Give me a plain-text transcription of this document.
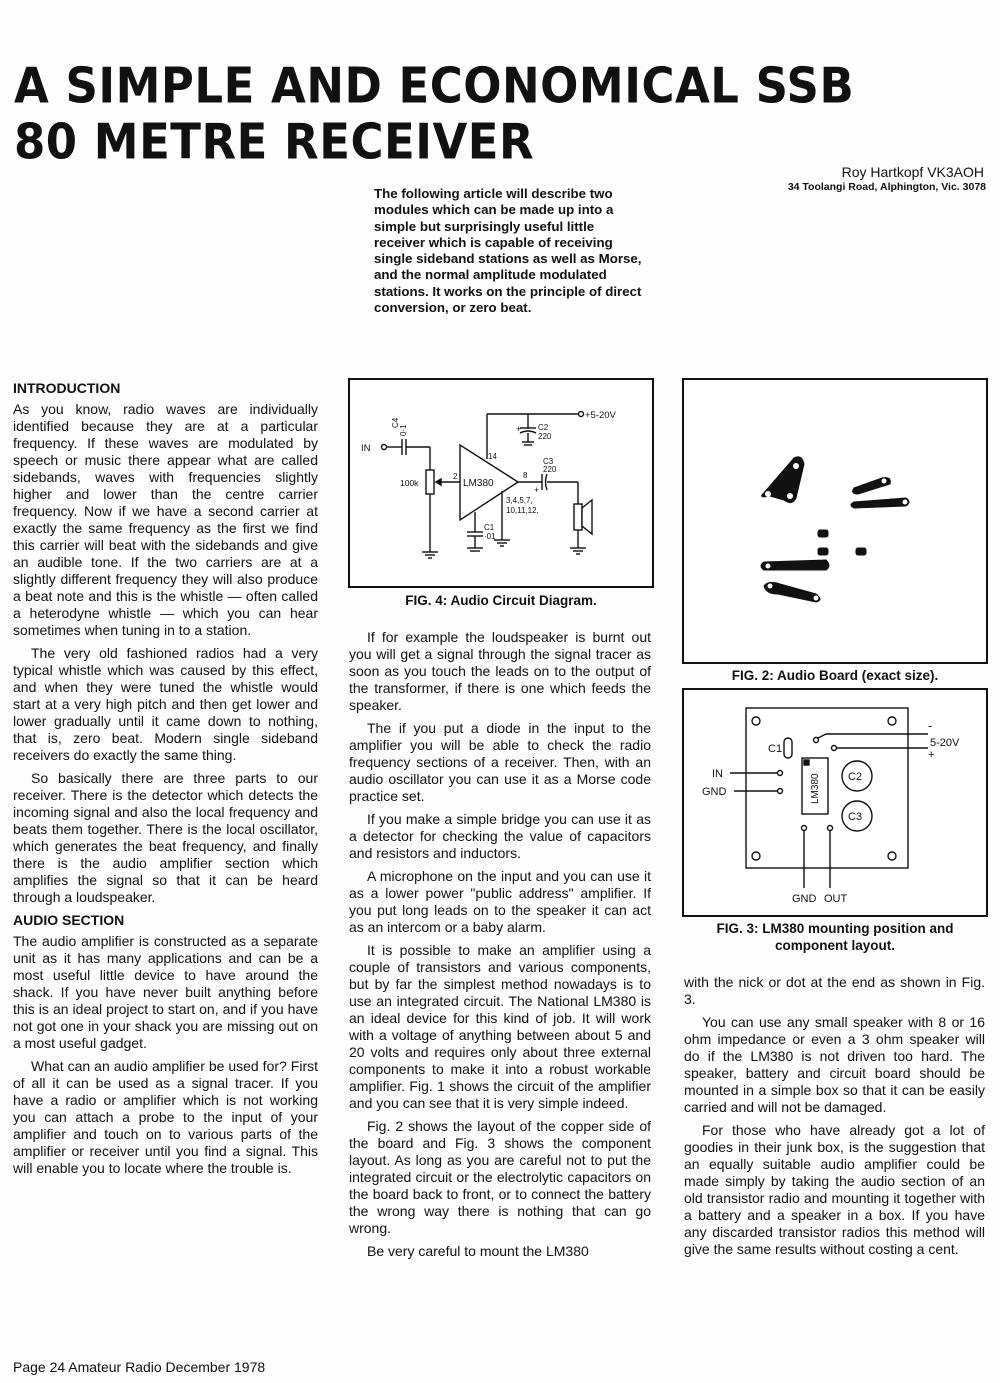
A SIMPLE AND ECONOMICAL SSB
80 METRE RECEIVER
Roy Hartkopf VK3AOH
34 Toolangi Road, Alphington, Vic. 3078
The following article will describe two modules which can be made up into a simple but surprisingly useful little receiver which is capable of receiving single sideband stations as well as Morse, and the normal amplitude modulated stations. It works on the principle of direct conversion, or zero beat.
INTRODUCTION

As you know, radio waves are individually identified because they are at a particular frequency. If these waves are modulated by speech or music there appear what are called sidebands, waves with frequencies slightly higher and lower than the centre carrier frequency. Now if we have a second carrier at exactly the same frequency as the first we find this carrier will beat with the sidebands and give an audible tone. If the two carriers are at a slightly different frequency they will also produce a beat note and this is the whistle — often called a heterodyne whistle — which you can hear sometimes when tuning in to a station.

The very old fashioned radios had a very typical whistle which was caused by this effect, and when they were tuned the whistle would start at a very high pitch and then get lower and lower gradually until it came down to nothing, that is, zero beat. Modern single sideband receivers do exactly the same thing.

So basically there are three parts to our receiver. There is the detector which detects the incoming signal and also the local frequency and beats them together. There is the local oscillator, which generates the beat frequency, and finally there is the audio amplifier section which amplifies the signal so that it can be heard through a loudspeaker.

AUDIO SECTION

The audio amplifier is constructed as a separate unit as it has many applications and can be a most useful little device to have around the shack. If you have never built anything before this is an ideal project to start on, and if you have not got one in your shack you are missing out on a most useful gadget.

What can an audio amplifier be used for? First of all it can be used as a signal tracer. If you have a radio or amplifier which is not working you can attach a probe to the input of your amplifier and touch on to various parts of the amplifier or receiver until you find a signal. This will enable you to locate where the trouble is.

IN
C4
0·1
100k	LM380
2
14
8
3,4,5,7,
10,11,12,
+5-20V
C2
220
+
C3
220
+
C1
·01
FIG. 4: Audio Circuit Diagram.
FIG. 2: Audio Board (exact size).
C1
C2
C3
LM380
IN
GND
-
5-20V
+
GND OUT
FIG. 3: LM380 mounting position and component layout.

If for example the loudspeaker is burnt out you will get a signal through the signal tracer as soon as you touch the leads on to the output of the transformer, if there is one which feeds the speaker.

The if you put a diode in the input to the amplifier you will be able to check the radio frequency sections of a receiver. Then, with an audio oscillator you can use it as a Morse code practice set.

If you make a simple bridge you can use it as a detector for checking the value of capacitors and resistors and inductors.

A microphone on the input and you can use it as a lower power "public address" amplifier. If you put long leads on to the speaker it can act as an intercom or a baby alarm.

It is possible to make an amplifier using a couple of transistors and various components, but by far the simplest method nowadays is to use an integrated circuit. The National LM380 is an ideal device for this kind of job. It will work with a voltage of anything between about 5 and 20 volts and requires only about three external components to make it into a robust workable amplifier. Fig. 1 shows the circuit of the amplifier and you can see that it is very simple indeed.

Fig. 2 shows the layout of the copper side of the board and Fig. 3 shows the component layout. As long as you are careful not to put the integrated circuit or the electrolytic capacitors on the board back to front, or to connect the battery the wrong way there is nothing that can go wrong.

Be very careful to mount the LM380

with the nick or dot at the end as shown in Fig. 3.

You can use any small speaker with 8 or 16 ohm impedance or even a 3 ohm speaker will do if the LM380 is not driven too hard. The speaker, battery and circuit board should be mounted in a simple box so that it can be easily carried and will not be damaged.

For those who have already got a lot of goodies in their junk box, is the suggestion that an equally suitable audio amplifier could be made simply by taking the audio section of an old transistor radio and mounting it together with a battery and a speaker in a box. If you have any discarded transistor radios this method will give the same results without costing a cent.

Page 24 Amateur Radio December 1978
